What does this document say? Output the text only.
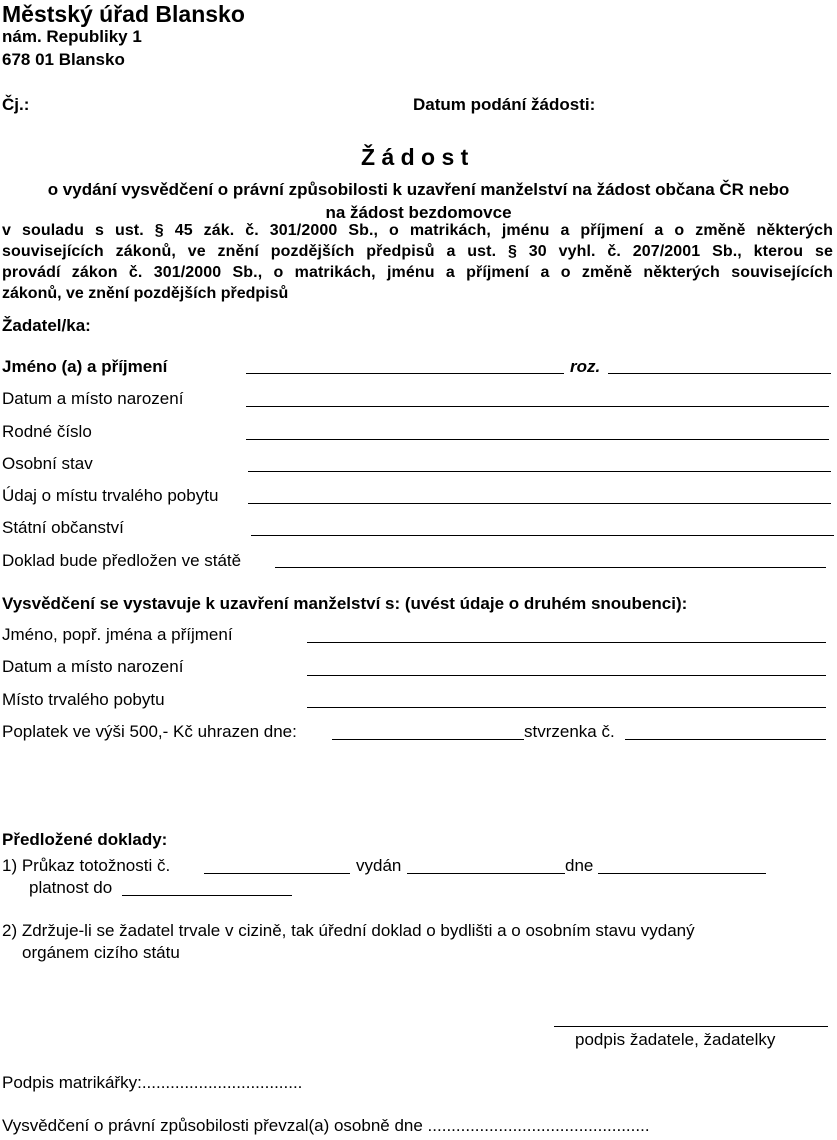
Městský úřad Blansko
nám. Republiky 1
678 01 Blansko
Čj.:	Datum podání žádosti:
Ž á d o s t
o vydání vysvědčení o právní způsobilosti k uzavření manželství na žádost občana ČR nebo
na žádost bezdomovce
v souladu s ust. § 45 zák. č. 301/2000 Sb., o matrikách, jménu a příjmení a o změně některých
souvisejících zákonů, ve znění pozdějších předpisů a ust. § 30 vyhl. č. 207/2001 Sb., kterou se
provádí zákon č. 301/2000 Sb., o matrikách, jménu a příjmení a o změně některých souvisejících
zákonů, ve znění pozdějších předpisů
Žadatel/ka:
Jméno (a) a příjmení	roz.
Datum a místo narození
Rodné číslo
Osobní stav
Údaj o místu trvalého pobytu
Státní občanství
Doklad bude předložen ve státě
Vysvědčení se vystavuje k uzavření manželství s: (uvést údaje o druhém snoubenci):
Jméno, popř. jména a příjmení
Datum a místo narození
Místo trvalého pobytu
Poplatek ve výši 500,- Kč uhrazen dne:	stvrzenka č.
Předložené doklady:
1) Průkaz totožnosti č.	vydán	dne
platnost do
2) Zdržuje-li se žadatel trvale v cizině, tak úřední doklad o bydlišti a o osobním stavu vydaný
orgánem cizího státu
podpis žadatele, žadatelky
Podpis matrikářky:..................................
Vysvědčení o právní způsobilosti převzal(a) osobně dne ...............................................
